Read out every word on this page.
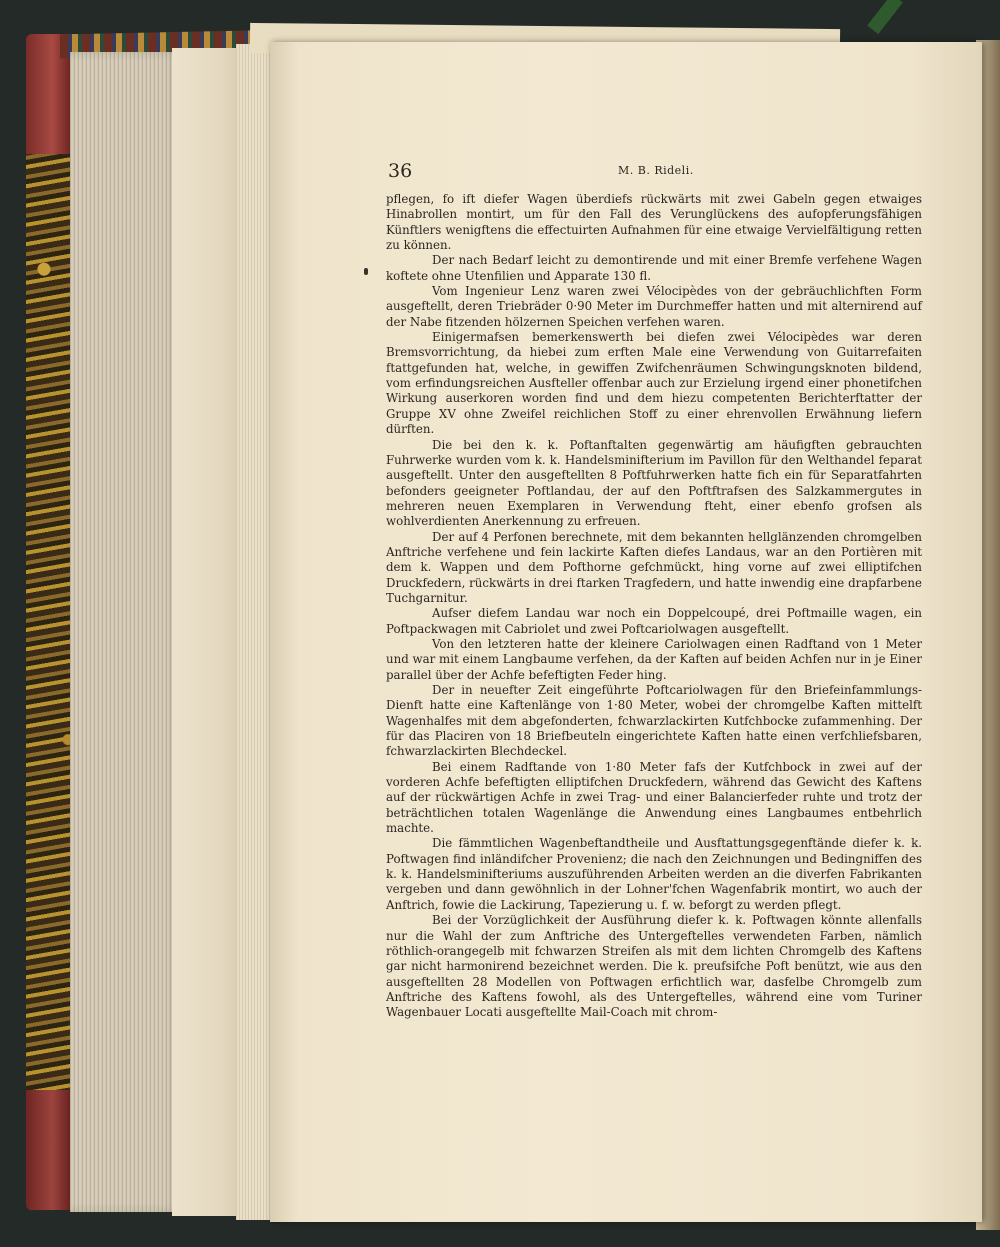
36	M. B. Rideli.

pflegen, fo ift diefer Wagen überdiefs rückwärts mit zwei Gabeln gegen etwaiges Hinabrollen montirt, um für den Fall des Verunglückens des aufopferungsfähigen Künftlers wenigftens die effectuirten Aufnahmen für eine etwaige Vervielfältigung retten zu können.

Der nach Bedarf leicht zu demontirende und mit einer Bremfe verfehene Wagen koftete ohne Utenfilien und Apparate 130 fl.

Vom Ingenieur Lenz waren zwei Vélocipèdes von der gebräuchlichften Form ausgeftellt, deren Triebräder 0·90 Meter im Durchmeffer hatten und mit alternirend auf der Nabe fitzenden hölzernen Speichen verfehen waren.

Einigermafsen bemerkenswerth bei diefen zwei Vélocipèdes war deren Bremsvorrichtung, da hiebei zum erften Male eine Verwendung von Guitarrefaiten ftattgefunden hat, welche, in gewiffen Zwifchenräumen Schwingungsknoten bildend, vom erfindungsreichen Ausfteller offenbar auch zur Erzielung irgend einer phonetifchen Wirkung auserkoren worden find und dem hiezu competenten Berichterftatter der Gruppe XV ohne Zweifel reichlichen Stoff zu einer ehrenvollen Erwähnung liefern dürften.

Die bei den k. k. Poftanftalten gegenwärtig am häufigften gebrauchten Fuhrwerke wurden vom k. k. Handelsminifterium im Pavillon für den Welthandel feparat ausgeftellt. Unter den ausgeftellten 8 Poftfuhrwerken hatte fich ein für Separatfahrten befonders geeigneter Poftlandau, der auf den Poftftrafsen des Salzkammergutes in mehreren neuen Exemplaren in Verwendung fteht, einer ebenfo grofsen als wohlverdienten Anerkennung zu erfreuen.

Der auf 4 Perfonen berechnete, mit dem bekannten hellglänzenden chromgelben Anftriche verfehene und fein lackirte Kaften diefes Landaus, war an den Portièren mit dem k. Wappen und dem Pofthorne gefchmückt, hing vorne auf zwei elliptifchen Druckfedern, rückwärts in drei ftarken Tragfedern, und hatte inwendig eine drapfarbene Tuchgarnitur.

Aufser diefem Landau war noch ein Doppelcoupé, drei Poftmaille wagen, ein Poftpackwagen mit Cabriolet und zwei Poftcariolwagen ausgeftellt.

Von den letzteren hatte der kleinere Cariolwagen einen Radftand von 1 Meter und war mit einem Langbaume verfehen, da der Kaften auf beiden Achfen nur in je Einer parallel über der Achfe befeftigten Feder hing.

Der in neuefter Zeit eingeführte Poftcariolwagen für den Briefeinfammlungs-Dienft hatte eine Kaftenlänge von 1·80 Meter, wobei der chromgelbe Kaften mittelft Wagenhalfes mit dem abgefonderten, fchwarzlackirten Kutfchbocke zufammenhing. Der für das Placiren von 18 Briefbeuteln eingerichtete Kaften hatte einen verfchliefsbaren, fchwarzlackirten Blechdeckel.

Bei einem Radftande von 1·80 Meter fafs der Kutfchbock in zwei auf der vorderen Achfe befeftigten elliptifchen Druckfedern, während das Gewicht des Kaftens auf der rückwärtigen Achfe in zwei Trag- und einer Balancierfeder ruhte und trotz der beträchtlichen totalen Wagenlänge die Anwendung eines Langbaumes entbehrlich machte.

Die fämmtlichen Wagenbeftandtheile und Ausftattungsgegenftände diefer k. k. Poftwagen find inländifcher Provenienz; die nach den Zeichnungen und Bedingniffen des k. k. Handelsminifteriums auszuführenden Arbeiten werden an die diverfen Fabrikanten vergeben und dann gewöhnlich in der Lohner'fchen Wagenfabrik montirt, wo auch der Anftrich, fowie die Lackirung, Tapezierung u. f. w. beforgt zu werden pflegt.

Bei der Vorzüglichkeit der Ausführung diefer k. k. Poftwagen könnte allenfalls nur die Wahl der zum Anftriche des Untergeftelles verwendeten Farben, nämlich röthlich-orangegelb mit fchwarzen Streifen als mit dem lichten Chromgelb des Kaftens gar nicht harmonirend bezeichnet werden. Die k. preufsifche Poft benützt, wie aus den ausgeftellten 28 Modellen von Poftwagen erfichtlich war, dasfelbe Chromgelb zum Anftriche des Kaftens fowohl, als des Untergeftelles, während eine vom Turiner Wagenbauer Locati ausgeftellte Mail-Coach mit chrom-
